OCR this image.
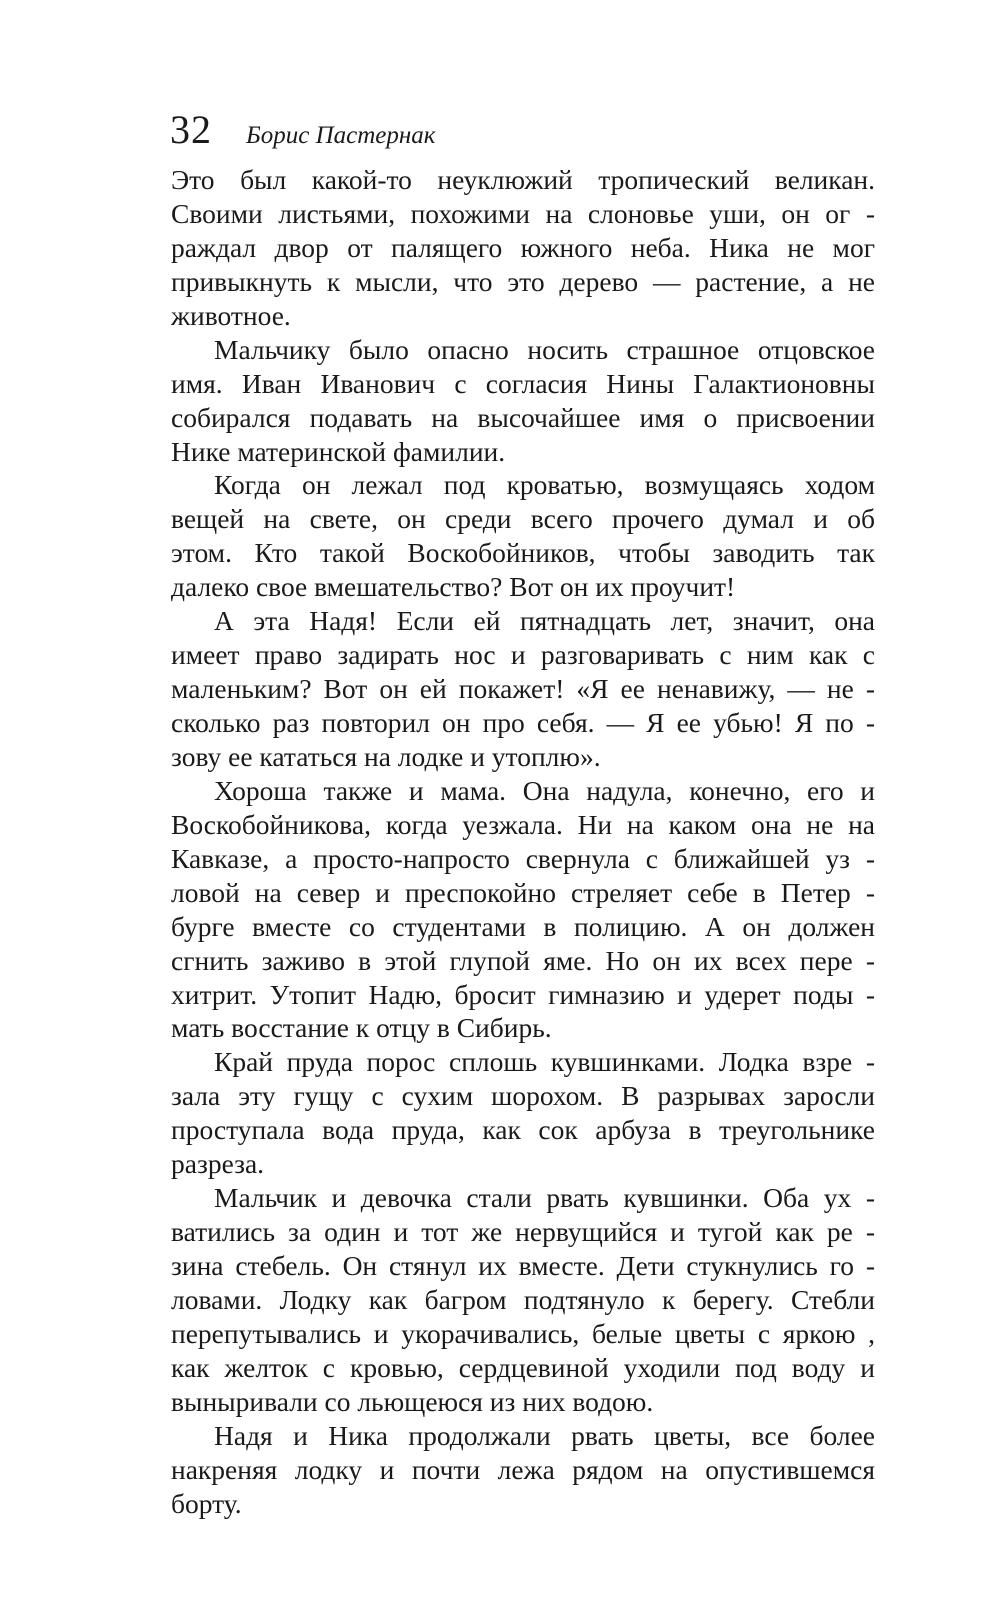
32 Борис Пастернак
Это был какой-то неуклюжий тропический великан.
Своими листьями, похожими на слоновье уши, он ог -
раждал двор от палящего южного неба. Ника не мог
привыкнуть к мысли, что это дерево — растение, а не
животное.
Мальчику было опасно носить страшное отцовское
имя. Иван Иванович с согласия Нины Галактионовны
собирался подавать на высочайшее имя о присвоении
Нике материнской фамилии.
Когда он лежал под кроватью, возмущаясь ходом
вещей на свете, он среди всего прочего думал и об
этом. Кто такой Воскобойников, чтобы заводить так
далеко свое вмешательство? Вот он их проучит!
А эта Надя! Если ей пятнадцать лет, значит, она
имеет право задирать нос и разговаривать с ним как с
маленьким? Вот он ей покажет! «Я ее ненавижу, — не -
сколько раз повторил он про себя. — Я ее убью! Я по -
зову ее кататься на лодке и утоплю».
Хороша также и мама. Она надула, конечно, его и
Воскобойникова, когда уезжала. Ни на каком она не на
Кавказе, а просто-напросто свернула с ближайшей уз -
ловой на север и преспокойно стреляет себе в Петер -
бурге вместе со студентами в полицию. А он должен
сгнить заживо в этой глупой яме. Но он их всех пере -
хитрит. Утопит Надю, бросит гимназию и удерет поды -
мать восстание к отцу в Сибирь.
Край пруда порос сплошь кувшинками. Лодка взре -
зала эту гущу с сухим шорохом. В разрывах заросли
проступала вода пруда, как сок арбуза в треугольнике
разреза.
Мальчик и девочка стали рвать кувшинки. Оба ух -
ватились за один и тот же нервущийся и тугой как ре -
зина стебель. Он стянул их вместе. Дети стукнулись го -
ловами. Лодку как багром подтянуло к берегу. Стебли
перепутывались и укорачивались, белые цветы с яркою ,
как желток с кровью, сердцевиной уходили под воду и
выныривали со льющеюся из них водою.
Надя и Ника продолжали рвать цветы, все более
накреняя лодку и почти лежа рядом на опустившемся
борту.
